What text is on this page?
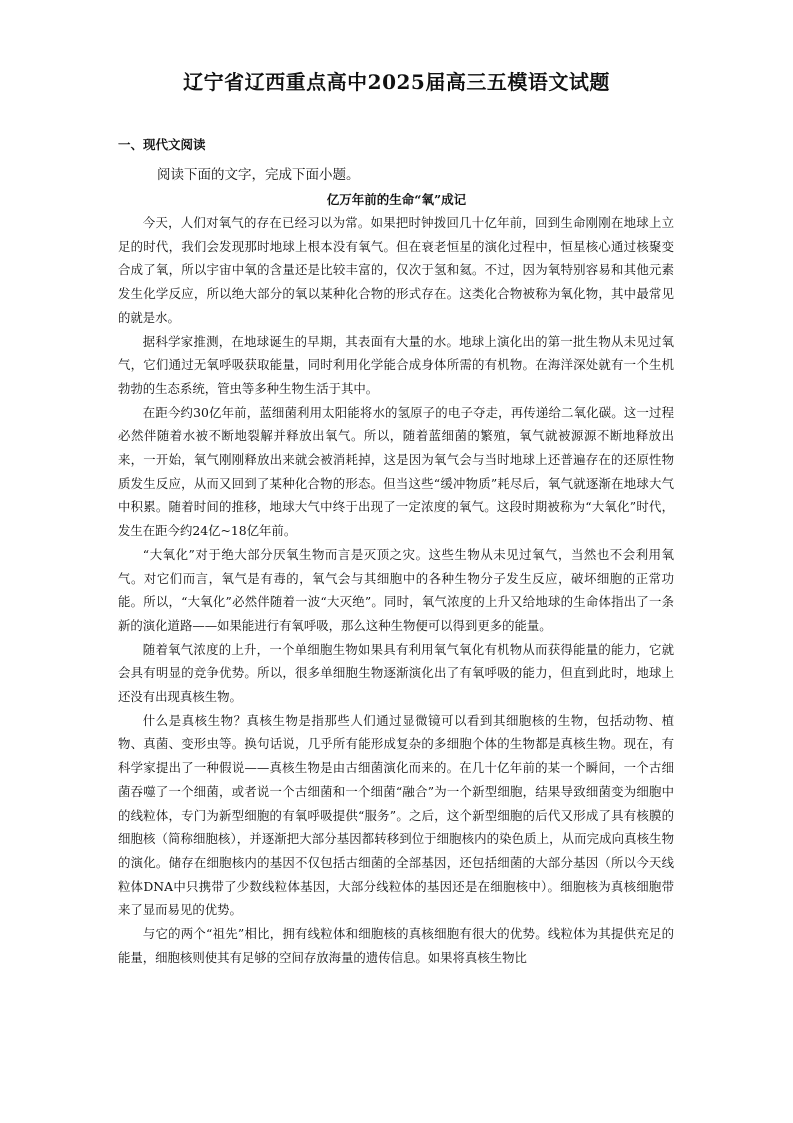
辽宁省辽西重点高中2025届高三五模语文试题
一、现代文阅读
阅读下面的文字，完成下面小题。
亿万年前的生命“氧”成记

今天，人们对氧气的存在已经习以为常。如果把时钟拨回几十亿年前，回到生命刚刚在地球上立足的时代，我们会发现那时地球上根本没有氧气。但在衰老恒星的演化过程中，恒星核心通过核聚变合成了氧，所以宇宙中氧的含量还是比较丰富的，仅次于氢和氦。不过，因为氧特别容易和其他元素发生化学反应，所以绝大部分的氧以某种化合物的形式存在。这类化合物被称为氧化物，其中最常见的就是水。

据科学家推测，在地球诞生的早期，其表面有大量的水。地球上演化出的第一批生物从未见过氧气，它们通过无氧呼吸获取能量，同时利用化学能合成身体所需的有机物。在海洋深处就有一个生机勃勃的生态系统，管虫等多种生物生活于其中。

在距今约30亿年前，蓝细菌利用太阳能将水的氢原子的电子夺走，再传递给二氧化碳。这一过程必然伴随着水被不断地裂解并释放出氧气。所以，随着蓝细菌的繁殖，氧气就被源源不断地释放出来，一开始，氧气刚刚释放出来就会被消耗掉，这是因为氧气会与当时地球上还普遍存在的还原性物质发生反应，从而又回到了某种化合物的形态。但当这些“缓冲物质”耗尽后，氧气就逐渐在地球大气中积累。随着时间的推移，地球大气中终于出现了一定浓度的氧气。这段时期被称为“大氧化”时代，发生在距今约24亿~18亿年前。

“大氧化”对于绝大部分厌氧生物而言是灭顶之灾。这些生物从未见过氧气，当然也不会利用氧气。对它们而言，氧气是有毒的，氧气会与其细胞中的各种生物分子发生反应，破坏细胞的正常功能。所以，“大氧化”必然伴随着一波“大灭绝”。同时，氧气浓度的上升又给地球的生命体指出了一条新的演化道路——如果能进行有氧呼吸，那么这种生物便可以得到更多的能量。

随着氧气浓度的上升，一个单细胞生物如果具有利用氧气氧化有机物从而获得能量的能力，它就会具有明显的竞争优势。所以，很多单细胞生物逐渐演化出了有氧呼吸的能力，但直到此时，地球上还没有出现真核生物。

什么是真核生物？真核生物是指那些人们通过显微镜可以看到其细胞核的生物，包括动物、植物、真菌、变形虫等。换句话说，几乎所有能形成复杂的多细胞个体的生物都是真核生物。现在，有科学家提出了一种假说——真核生物是由古细菌演化而来的。在几十亿年前的某一个瞬间，一个古细菌吞噬了一个细菌，或者说一个古细菌和一个细菌“融合”为一个新型细胞，结果导致细菌变为细胞中的线粒体，专门为新型细胞的有氧呼吸提供“服务”。之后，这个新型细胞的后代又形成了具有核膜的细胞核（简称细胞核），并逐渐把大部分基因都转移到位于细胞核内的染色质上，从而完成向真核生物的演化。储存在细胞核内的基因不仅包括古细菌的全部基因，还包括细菌的大部分基因（所以今天线粒体DNA中只携带了少数线粒体基因，大部分线粒体的基因还是在细胞核中）。细胞核为真核细胞带来了显而易见的优势。

与它的两个“祖先”相比，拥有线粒体和细胞核的真核细胞有很大的优势。线粒体为其提供充足的能量，细胞核则使其有足够的空间存放海量的遗传信息。如果将真核生物比
